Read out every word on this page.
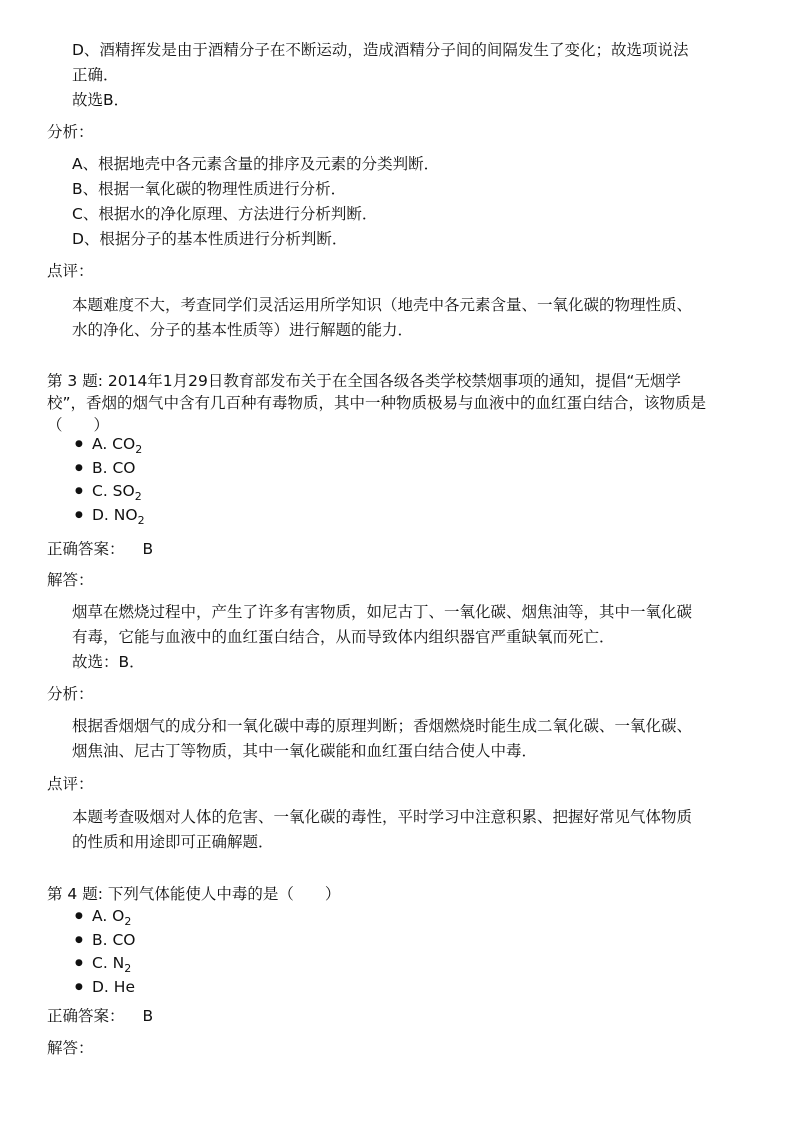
D、酒精挥发是由于酒精分子在不断运动，造成酒精分子间的间隔发生了变化；故选项说法
正确．
故选B．
分析：
A、根据地壳中各元素含量的排序及元素的分类判断．
B、根据一氧化碳的物理性质进行分析．
C、根据水的净化原理、方法进行分析判断．
D、根据分子的基本性质进行分析判断．
点评：
本题难度不大，考查同学们灵活运用所学知识（地壳中各元素含量、一氧化碳的物理性质、
水的净化、分子的基本性质等）进行解题的能力．
第 3 题: 2014年1月29日教育部发布关于在全国各级各类学校禁烟事项的通知，提倡“无烟学
校”，香烟的烟气中含有几百种有毒物质，其中一种物质极易与血液中的血红蛋白结合，该物质是
（　　）
● A. $CO_2$
● B. CO
● C. $SO_2$
● D. $NO_2$
正确答案： B
解答：
烟草在燃烧过程中，产生了许多有害物质，如尼古丁、一氧化碳、烟焦油等，其中一氧化碳
有毒，它能与血液中的血红蛋白结合，从而导致体内组织器官严重缺氧而死亡．
故选：B．
分析：
根据香烟烟气的成分和一氧化碳中毒的原理判断；香烟燃烧时能生成二氧化碳、一氧化碳、
烟焦油、尼古丁等物质，其中一氧化碳能和血红蛋白结合使人中毒．
点评：
本题考查吸烟对人体的危害、一氧化碳的毒性，平时学习中注意积累、把握好常见气体物质
的性质和用途即可正确解题．
第 4 题: 下列气体能使人中毒的是（　　）
● A. $O_2$
● B. CO
● C. $N_2$
● D. He
正确答案： B
解答：
